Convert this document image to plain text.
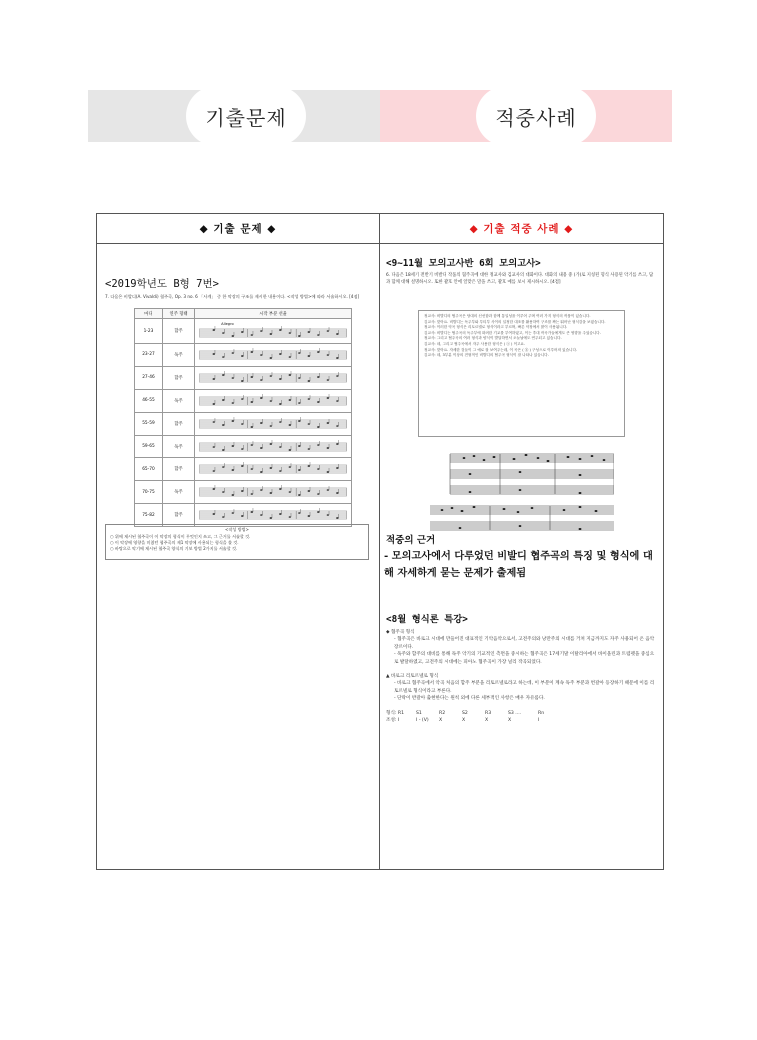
기출문제	적중사례
◆ 기출 문제 ◆
<2019학년도 B형 7번>
7. 다음은 비발디(A. Vivaldi) 협주곡, Op. 3 no. 6 「사계」 중 한 악장의 구조를 제시한 내용이다. <작성 방법>에 따라 서술하시오. [4점]
마디	연주 형태	시작 부분 선율
1-23	합주	Allegro

23-27	독주	

27-46	합주	

46-55	독주	

55-59	합주	

59-65	독주	

65-70	합주	

70-75	독주	

75-82	합주	
<작성 방법>
○ 위에 제시된 협주곡이 이 악장의 형식이 무엇인지 쓰고, 그 근거를 서술할 것.
○ 이 악장에 영향을 미쳤던 협주곡의 제1 악장에 사용되는 형식을 쓸 것.
○ 바탕으로 악기에 제시된 협주곡 양식의 기보 방법 2가지를 서술할 것.
◆ 기출 적중 사례 ◆
<9~11월 모의고사반 6회 모의고사>
6. 다음은 18세기 전반기 비발디 작품의 협주곡에 대한 정교사와 김교사의 대화이다. 대화의 내용 중 (가)로 지칭된 형식 사용된 악기를 쓰고, 답과 함께 대해 설명하시오. 또한 괄호 안에 알맞은 말을 쓰고, 괄호 예를 보시 제시하시오. [4점]
정교사: 비발디의 협주곡은 당대의 신선함과 함께 통일성을 이루어 주며 여러 가지 형식의 작품이 있습니다.
김교사: 맞아요. 비발디는 독주부와 투티부 사이의 일정한 대조를 활용하여 구조를 짜는 뛰어난 형식감을 보였습니다.
정교사: 이러한 악곡 형식은 리토르넬로 형식이라고 부르며, 빠른 악장에서 많이 사용됩니다.
김교사: 비발디는 협주곡의 독주부에 화려한 기교를 부여하였고, 이는 후대 작곡가들에게도 큰 영향을 주었습니다.
정교사: 그리고 협주곡의 여러 형식과 양식이 발달하면서 오늘날에도 연주되고 있습니다.
김교사: 네, 그리고 협주곡에서 자주 사용한 형식은 ( ⓐ ) 이고요.
정교사: 맞아요. 자세한 것들이 그 예로 잘 보여주는데, 이 곡은 ( ⓑ ) 구성으로 이루어져 있습니다.
김교사: 네, 3부분 이상의 전형적인 비발디의 협주곡 형식이 잘 나타나 있습니다.
적중의 근거
- 모의고사에서 다루었던 비발디 협주곡의 특징 및 형식에 대해 자세하게 묻는 문제가 출제됨
<8월 형식론 특강>
◆ 협주곡 형식
- 협주곡은 바로크 시대에 만들어진 대표적인 기악음악으로서, 고전주의와 낭만주의 시대를 거쳐 지금까지도 자주 사용되어 온 음악장르이다.
- 독주와 합주의 대비를 통해 독주 악기의 기교적인 측면을 중시하는 협주곡은 17세기말 이탈리아에서 바이올린과 트럼펫을 중심으로 발달하였고, 고전주의 시대에는 피아노 협주곡이 가장 널리 작곡되었다.
▲ 바로크 리토르넬로 형식
- 바로크 협주곡에서 악곡 처음의 합주 부분을 리토르넬로라고 하는데, 이 부분이 계속 독주 부분과 번갈아 등장하기 때문에 이를 리토르넬로 형식이라고 부른다.
- 단락이 반갈아 출현한다는 원칙 외에 다른 세부적인 사항은 매우 자유롭다.
형식: R1	S1	R2	S2	R3	S3 ....	Rn
조성: I	I - (V)	X	X	X	X	I
